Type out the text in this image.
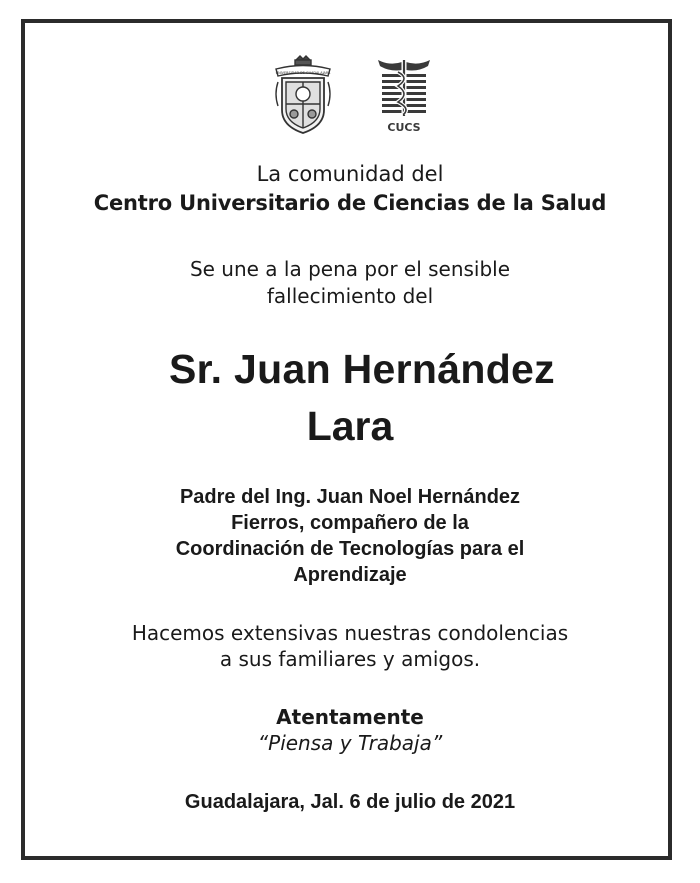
UNIVERSIDAD DE GUADALAJARA
CUCS
La comunidad del
Centro Universitario de Ciencias de la Salud
Se une a la pena por el sensible
fallecimiento del
Sr. Juan Hernández
Lara
Padre del Ing. Juan Noel Hernández
Fierros, compañero de la
Coordinación de Tecnologías para el
Aprendizaje
Hacemos extensivas nuestras condolencias
a sus familiares y amigos.
Atentamente
“Piensa y Trabaja”
Guadalajara, Jal. 6 de julio de 2021
